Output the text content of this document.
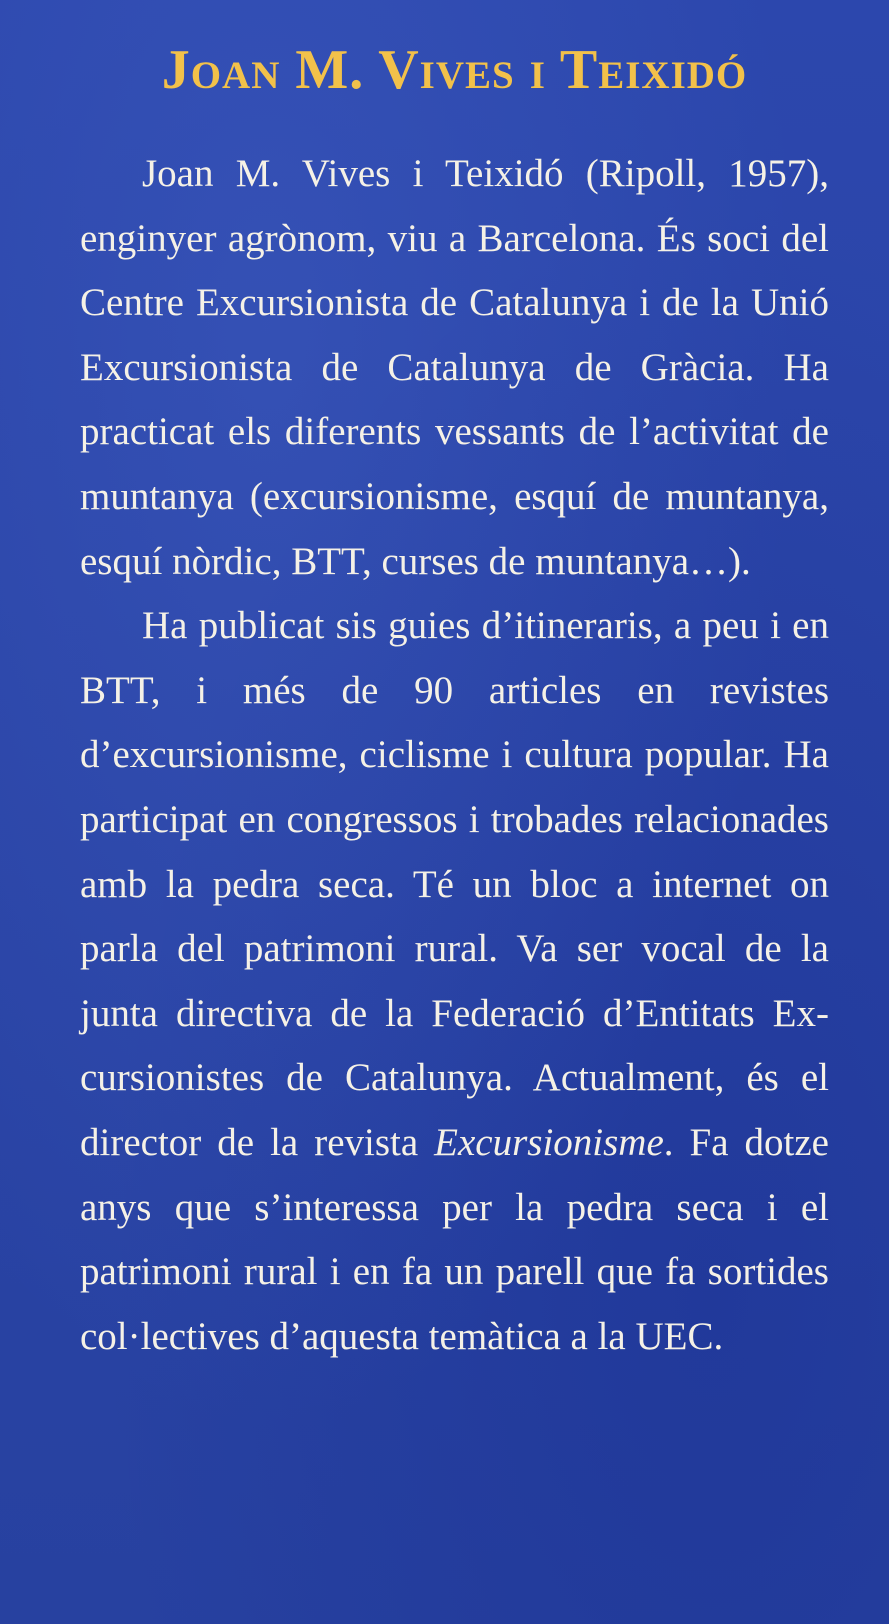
Joan M. Vives i Teixidó

Joan M. Vives i Teixidó (Ripoll, 1957), enginyer agrònom, viu a Barcelona. És soci del Centre Excursionista de Catalunya i de la Unió Excursionista de Catalunya de Gràcia. Ha practicat els diferents vessants de l’activitat de muntanya (excursionisme, esquí de muntanya, esquí nòrdic, BTT, curses de muntanya…).

Ha publicat sis guies d’itineraris, a peu i en BTT, i més de 90 articles en revistes d’excursionisme, ciclisme i cultura popular. Ha participat en congressos i trobades relacionades amb la pedra seca. Té un bloc a internet on parla del patrimoni rural. Va ser vocal de la junta directiva de la Federació d’Entitats Excursionistes de Catalunya. Actualment, és el director de la revista Excursionisme. Fa dotze anys que s’interessa per la pedra seca i el patrimoni rural i en fa un parell que fa sortides col·lectives d’aquesta temàtica a la UEC.
